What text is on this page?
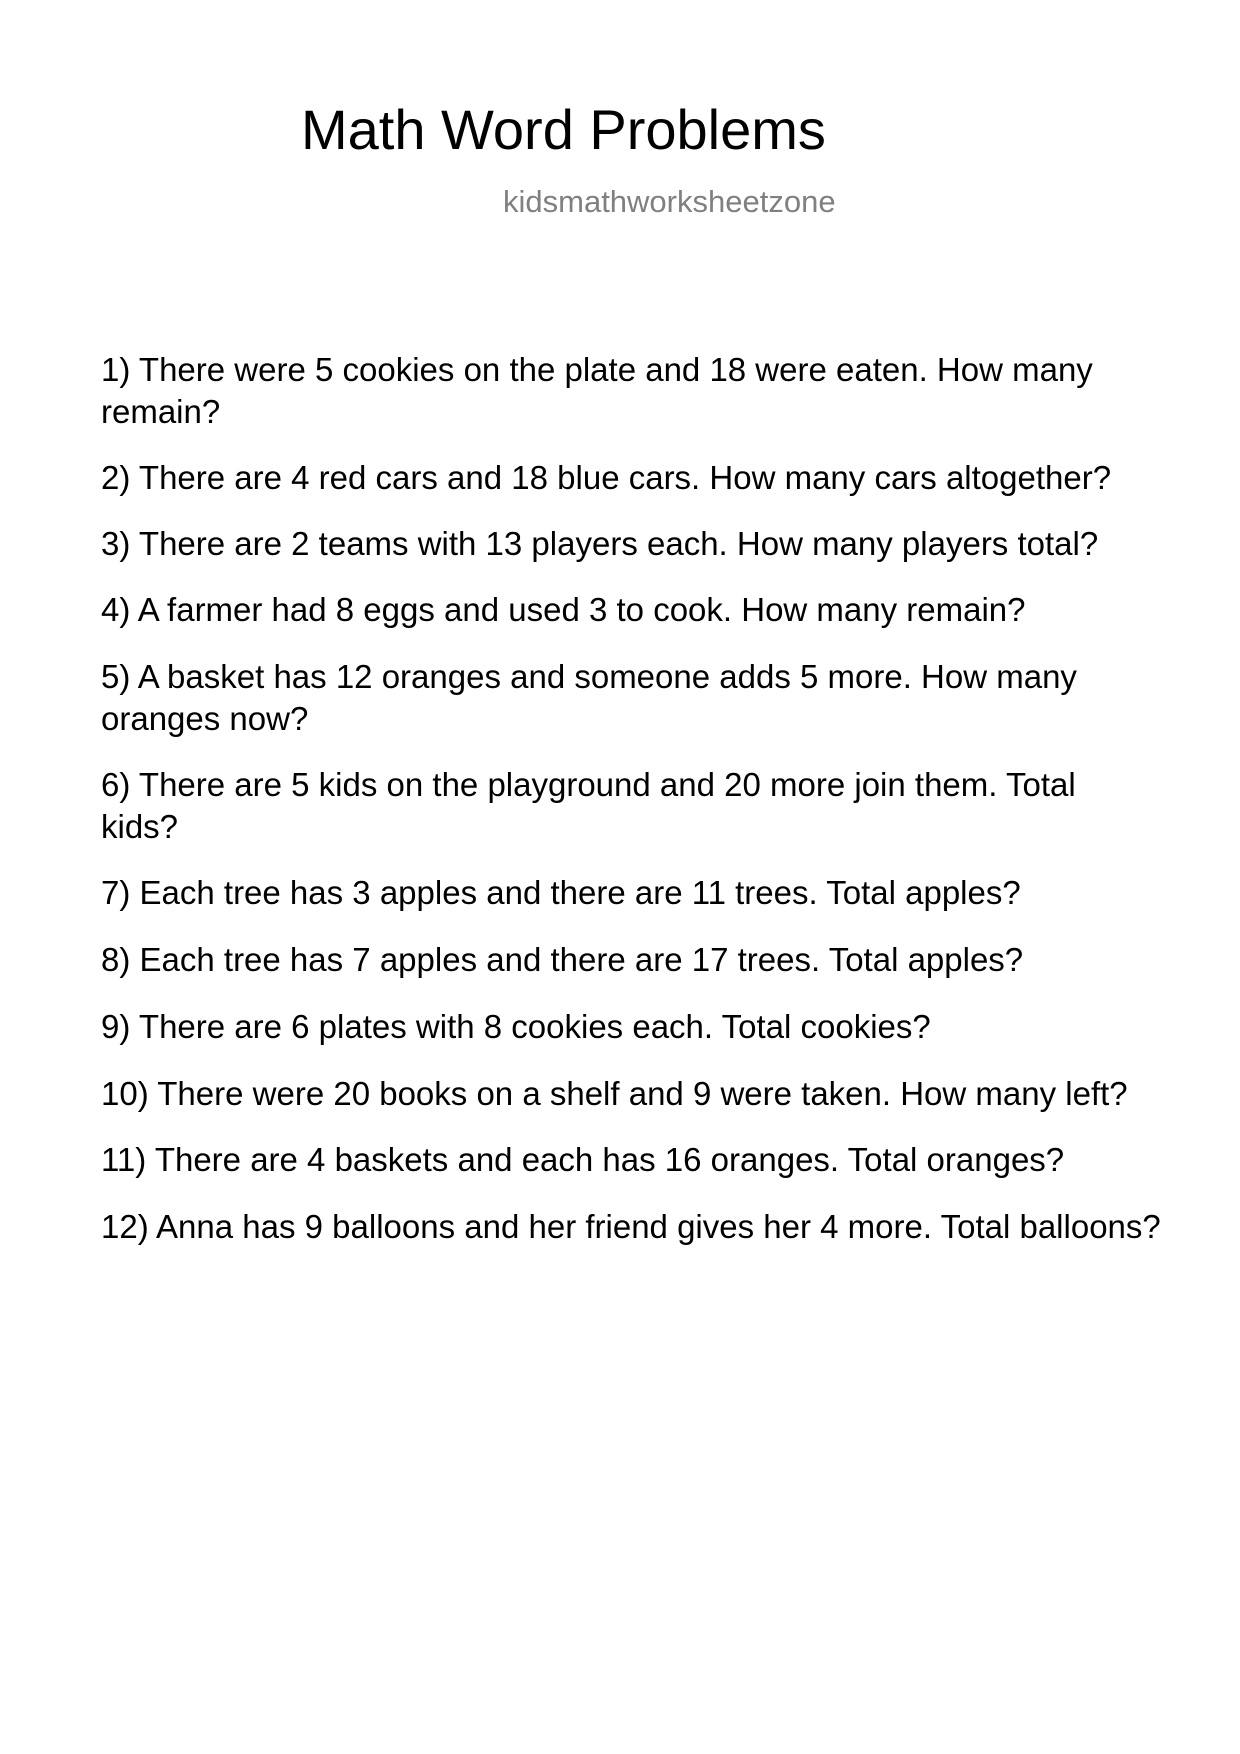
Math Word Problems
kidsmathworksheetzone
1) There were 5 cookies on the plate and 18 were eaten. How many remain?
2) There are 4 red cars and 18 blue cars. How many cars altogether?
3) There are 2 teams with 13 players each. How many players total?
4) A farmer had 8 eggs and used 3 to cook. How many remain?
5) A basket has 12 oranges and someone adds 5 more. How many oranges now?
6) There are 5 kids on the playground and 20 more join them. Total kids?
7) Each tree has 3 apples and there are 11 trees. Total apples?
8) Each tree has 7 apples and there are 17 trees. Total apples?
9) There are 6 plates with 8 cookies each. Total cookies?
10) There were 20 books on a shelf and 9 were taken. How many left?
11) There are 4 baskets and each has 16 oranges. Total oranges?
12) Anna has 9 balloons and her friend gives her 4 more. Total balloons?
